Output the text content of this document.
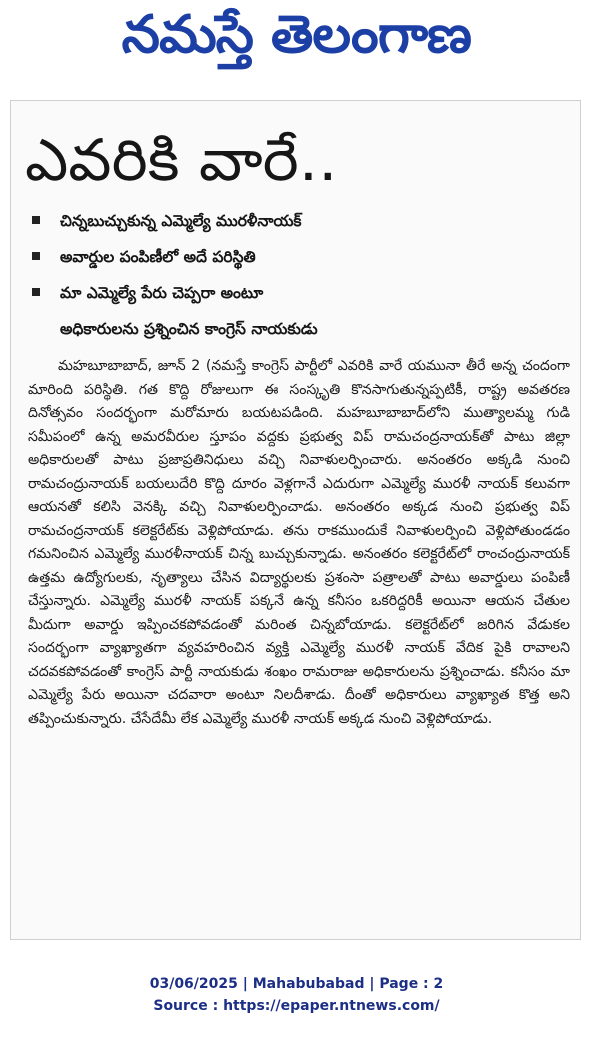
నమస్తే తెలంగాణ
ఎవరికి వారే..
చిన్నబుచ్చుకున్న ఎమ్మెల్యే మురళీనాయక్
అవార్డుల పంపిణీలో అదే పరిస్థితి
మా ఎమ్మెల్యే పేరు చెప్పరా అంటూ
అధికారులను ప్రశ్నించిన కాంగ్రెస్ నాయకుడు
మహబూబాబాద్, జూన్ 2 (నమస్తే కాంగ్రెస్ పార్టీలో ఎవరికి వారే యమునా తీరే అన్న చందంగా మారింది పరిస్థితి. గత కొద్ది రోజులుగా ఈ సంస్కృతి కొనసాగుతున్నప్పటికీ, రాష్ట్ర అవతరణ దినోత్సవం సందర్భంగా మరోమారు బయటపడింది. మహబూబాబాద్‌లోని ముత్యాలమ్మ గుడి సమీపంలో ఉన్న అమరవీరుల స్తూపం వద్దకు ప్రభుత్వ విప్ రామచంద్రనాయక్‌తో పాటు జిల్లా అధికారులతో పాటు ప్రజాప్రతినిధులు వచ్చి నివాళులర్పించారు. అనంతరం అక్కడి నుంచి రామచంద్రునాయక్ బయలుదేరి కొద్ది దూరం వెళ్లగానే ఎదురుగా ఎమ్మెల్యే మురళీ నాయక్ కలువగా ఆయనతో కలిసి వెనక్కి వచ్చి నివాళులర్పించాడు. అనంతరం అక్కడ నుంచి ప్రభుత్వ విప్ రామచంద్రనాయక్ కలెక్టరేట్‌కు వెళ్లిపోయాడు. తను రాకముందుకే నివాళులర్పించి వెళ్లిపోతుండడం గమనించిన ఎమ్మెల్యే మురళీనాయక్ చిన్న బుచ్చుకున్నాడు. అనంతరం కలెక్టరేట్‌లో రాంచంద్రునాయక్ ఉత్తమ ఉద్యోగులకు, నృత్యాలు చేసిన విద్యార్థులకు ప్రశంసా పత్రాలతో పాటు అవార్డులు పంపిణీ చేస్తున్నారు. ఎమ్మెల్యే మురళీ నాయక్ పక్కనే ఉన్న కనీసం ఒకరిద్దరికీ అయినా ఆయన చేతుల మీదుగా అవార్డు ఇప్పించకపోవడంతో మరింత చిన్నబోయాడు. కలెక్టరేట్‌లో జరిగిన వేడుకల సందర్భంగా వ్యాఖ్యాతగా వ్యవహరించిన వ్యక్తి ఎమ్మెల్యే మురళీ నాయక్ వేదిక పైకి రావాలని చదవకపోవడంతో కాంగ్రెస్ పార్టీ నాయకుడు శంఖం రామరాజు అధికారులను ప్రశ్నించాడు. కనీసం మా ఎమ్మెల్యే పేరు అయినా చదవారా అంటూ నిలదీశాడు. దీంతో అధికారులు వ్యాఖ్యాత కొత్త అని తప్పించుకున్నారు. చేసేదేమీ లేక ఎమ్మెల్యే మురళీ నాయక్ అక్కడ నుంచి వెళ్లిపోయాడు.
03/06/2025 | Mahabubabad | Page : 2
Source : https://epaper.ntnews.com/
